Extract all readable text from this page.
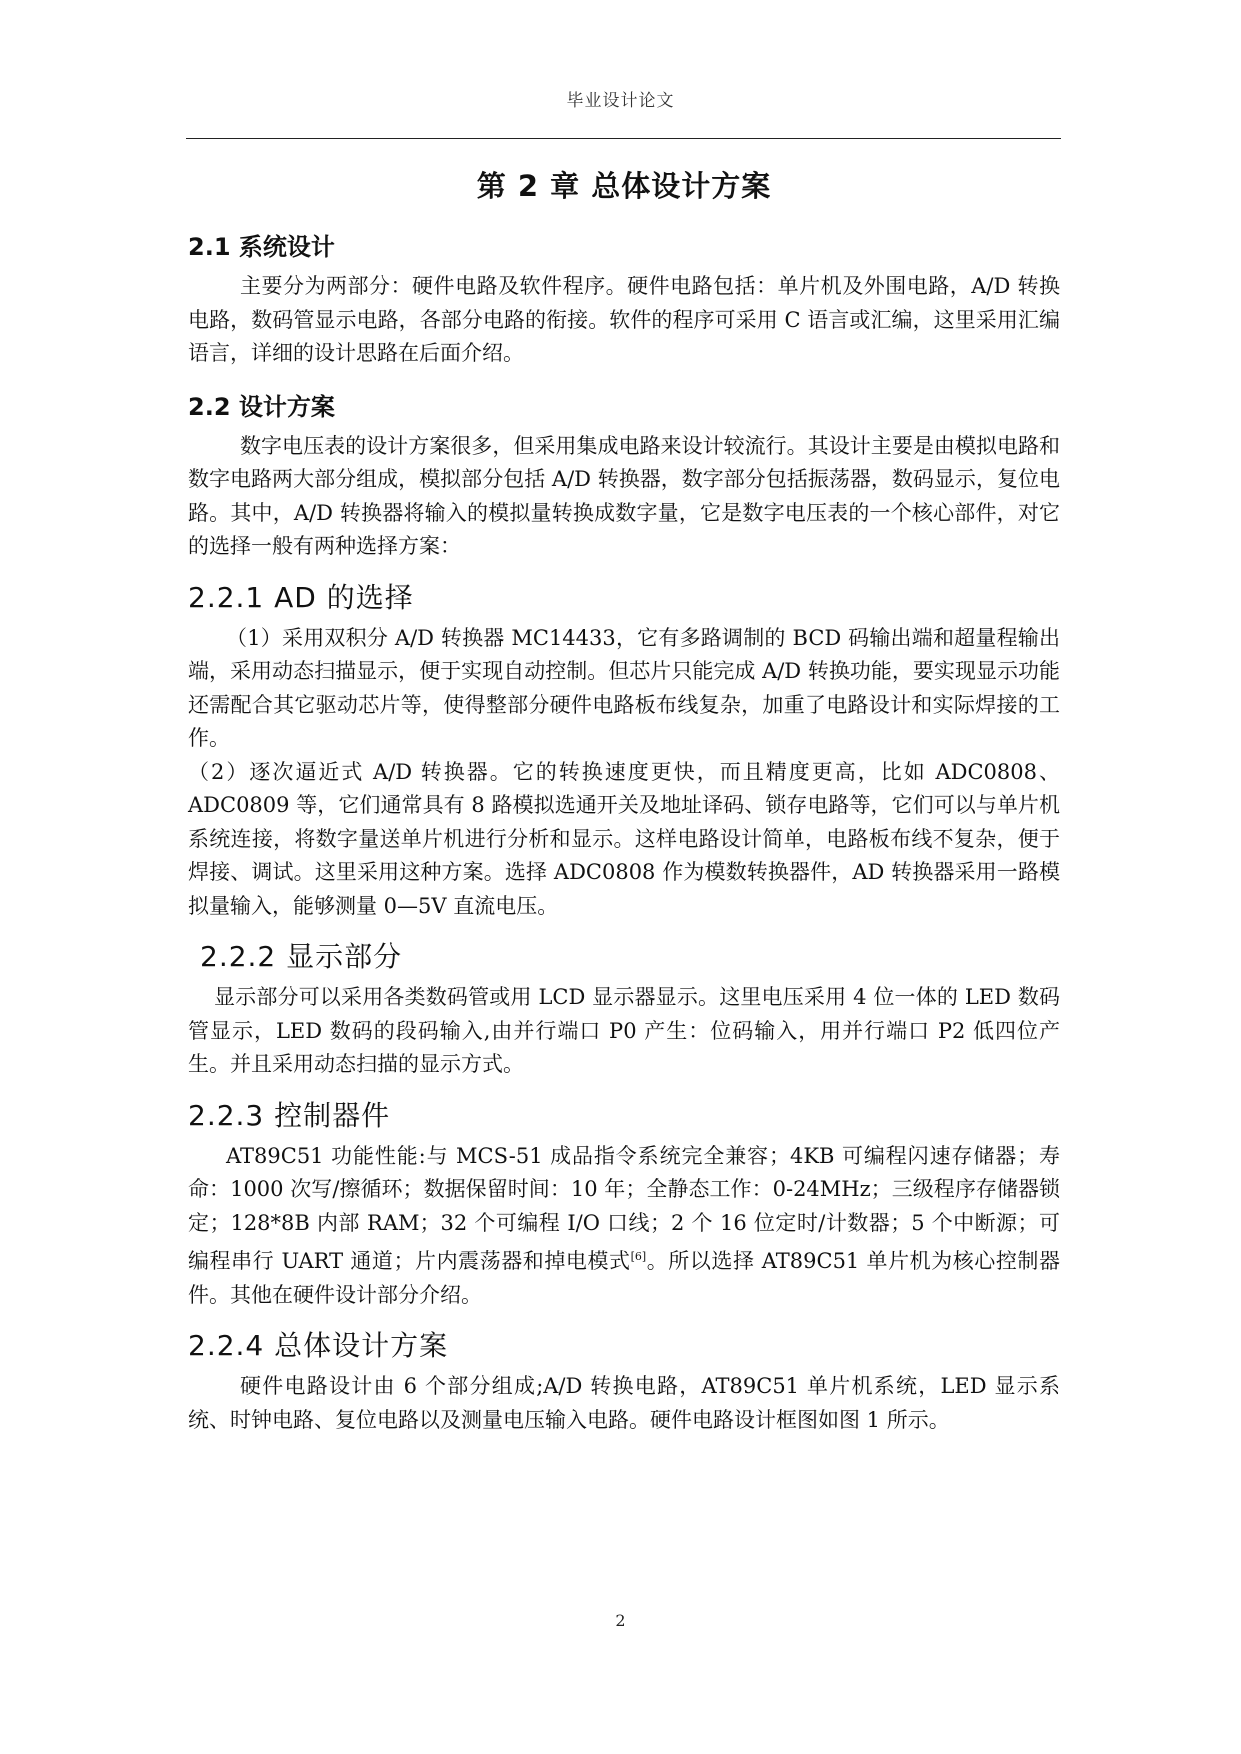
毕业设计论文
第 2 章 总体设计方案
2.1 系统设计

主要分为两部分：硬件电路及软件程序。硬件电路包括：单片机及外围电路，A/D 转换电路，数码管显示电路，各部分电路的衔接。软件的程序可采用 C 语言或汇编，这里采用汇编语言，详细的设计思路在后面介绍。

2.2 设计方案

数字电压表的设计方案很多，但采用集成电路来设计较流行。其设计主要是由模拟电路和数字电路两大部分组成，模拟部分包括 A/D 转换器，数字部分包括振荡器，数码显示，复位电路。其中，A/D 转换器将输入的模拟量转换成数字量，它是数字电压表的一个核心部件，对它的选择一般有两种选择方案：

2.2.1 AD 的选择

（1）采用双积分 A/D 转换器 MC14433，它有多路调制的 BCD 码输出端和超量程输出端，采用动态扫描显示，便于实现自动控制。但芯片只能完成 A/D 转换功能，要实现显示功能还需配合其它驱动芯片等，使得整部分硬件电路板布线复杂，加重了电路设计和实际焊接的工作。

（2）逐次逼近式 A/D 转换器。它的转换速度更快，而且精度更高，比如 ADC0808、ADC0809 等，它们通常具有 8 路模拟选通开关及地址译码、锁存电路等，它们可以与单片机系统连接，将数字量送单片机进行分析和显示。这样电路设计简单，电路板布线不复杂，便于焊接、调试。这里采用这种方案。选择 ADC0808 作为模数转换器件，AD 转换器采用一路模拟量输入，能够测量 0—5V 直流电压。

2.2.2 显示部分

显示部分可以采用各类数码管或用 LCD 显示器显示。这里电压采用 4 位一体的 LED 数码管显示，LED 数码的段码输入,由并行端口 P0 产生：位码输入，用并行端口 P2 低四位产生。并且采用动态扫描的显示方式。

2.2.3 控制器件

AT89C51 功能性能:与 MCS-51 成品指令系统完全兼容；4KB 可编程闪速存储器；寿命：1000 次写/擦循环；数据保留时间：10 年；全静态工作：0-24MHz；三级程序存储器锁定；128*8B 内部 RAM；32 个可编程 I/O 口线；2 个 16 位定时/计数器；5 个中断源；可编程串行 UART 通道；片内震荡器和掉电模式[6]。所以选择 AT89C51 单片机为核心控制器件。其他在硬件设计部分介绍。

2.2.4 总体设计方案

硬件电路设计由 6 个部分组成;A/D 转换电路，AT89C51 单片机系统，LED 显示系统、时钟电路、复位电路以及测量电压输入电路。硬件电路设计框图如图 1 所示。

2
